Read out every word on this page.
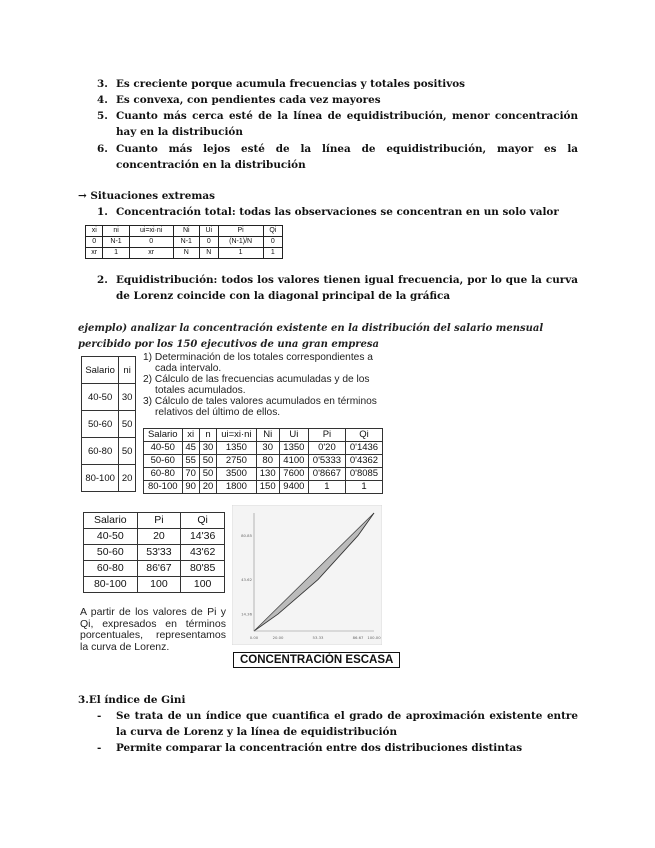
3. Es creciente porque acumula frecuencias y totales positivos
4. Es convexa, con pendientes cada vez mayores
5. Cuanto más cerca esté de la línea de equidistribución, menor concentración hay en la distribución
6. Cuanto más lejos esté de la línea de equidistribución, mayor es la concentración en la distribución
→ Situaciones extremas
1. Concentración total: todas las observaciones se concentran en un solo valor
xi	ni	ui=xi·ni	Ni	Ui	Pi	Qi
0	N-1	0	N-1	0	(N-1)/N	0
xr	1	xr	N	N	1	1
2. Equidistribución: todos los valores tienen igual frecuencia, por lo que la curva de Lorenz coincide con la diagonal principal de la gráfica
ejemplo) analizar la concentración existente en la distribución del salario mensual percibido por los 150 ejecutivos de una gran empresa
Salario	ni
40-50	30
50-60	50
60-80	50
80-100	20
1) Determinación de los totales correspondientes a cada intervalo.
2) Cálculo de las frecuencias acumuladas y de los totales acumulados.
3) Cálculo de tales valores acumulados en términos relativos del último de ellos.
Salario	xi	n	ui=xi·ni	Ni	Ui	Pi	Qi
40-50	45	30	1350	30	1350	0'20	0'1436
50-60	55	50	2750	80	4100	0'5333	0'4362
60-80	70	50	3500	130	7600	0'8667	0'8085
80-100	90	20	1800	150	9400	1	1
Salario	Pi	Qi
40-50	20	14'36
50-60	53'33	43'62
60-80	86'67	80'85
80-100	100	100
A partir de los valores de Pi y Qi, expresados en términos porcentuales, representamos la curva de Lorenz.
0.00	20.00	53.33	86.67 100.00
80.85
43.62
14.36
CONCENTRACIÓN ESCASA
3.El índice de Gini
- Se trata de un índice que cuantifica el grado de aproximación existente entre la curva de Lorenz y la línea de equidistribución
- Permite comparar la concentración entre dos distribuciones distintas
